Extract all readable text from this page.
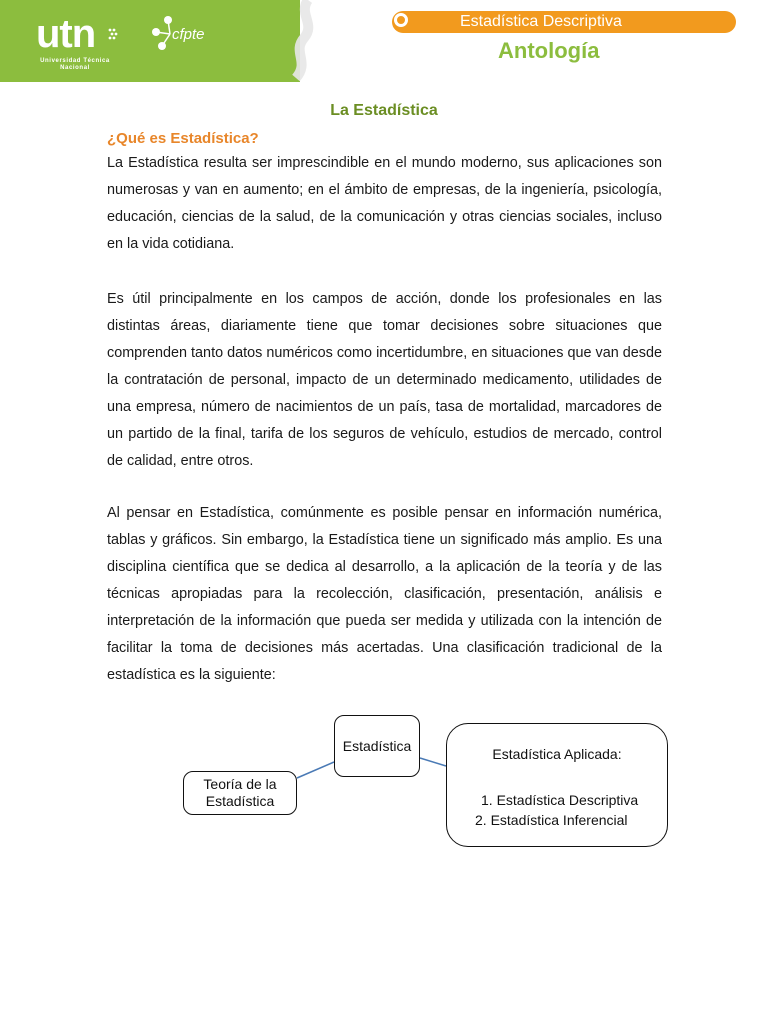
utn
Universidad Técnica Nacional
cfpte
Estadística Descriptiva
Antología
La Estadística
¿Qué es Estadística?

La Estadística resulta ser imprescindible en el mundo moderno, sus aplicaciones son numerosas y van en aumento; en el ámbito de empresas, de la ingeniería, psicología, educación, ciencias de la salud, de la comunicación y otras ciencias sociales, incluso en la vida cotidiana.

Es útil principalmente en los campos de acción, donde los profesionales en las distintas áreas, diariamente tiene que tomar decisiones sobre situaciones que comprenden tanto datos numéricos como incertidumbre, en situaciones que van desde la contratación de personal, impacto de un determinado medicamento, utilidades de una empresa, número de nacimientos de un país, tasa de mortalidad, marcadores de un partido de la final, tarifa de los seguros de vehículo, estudios de mercado, control de calidad, entre otros.

Al pensar en Estadística, comúnmente es posible pensar en información numérica, tablas y gráficos. Sin embargo, la Estadística tiene un significado más amplio. Es una disciplina científica que se dedica al desarrollo, a la aplicación de la teoría y de las técnicas apropiadas para la recolección, clasificación, presentación, análisis e interpretación de la información que pueda ser medida y utilizada con la intención de facilitar la toma de decisiones más acertadas. Una clasificación tradicional de la estadística es la siguiente:

Estadística
Teoría de la Estadística
Estadística Aplicada:
1. Estadística Descriptiva
2. Estadística Inferencial
